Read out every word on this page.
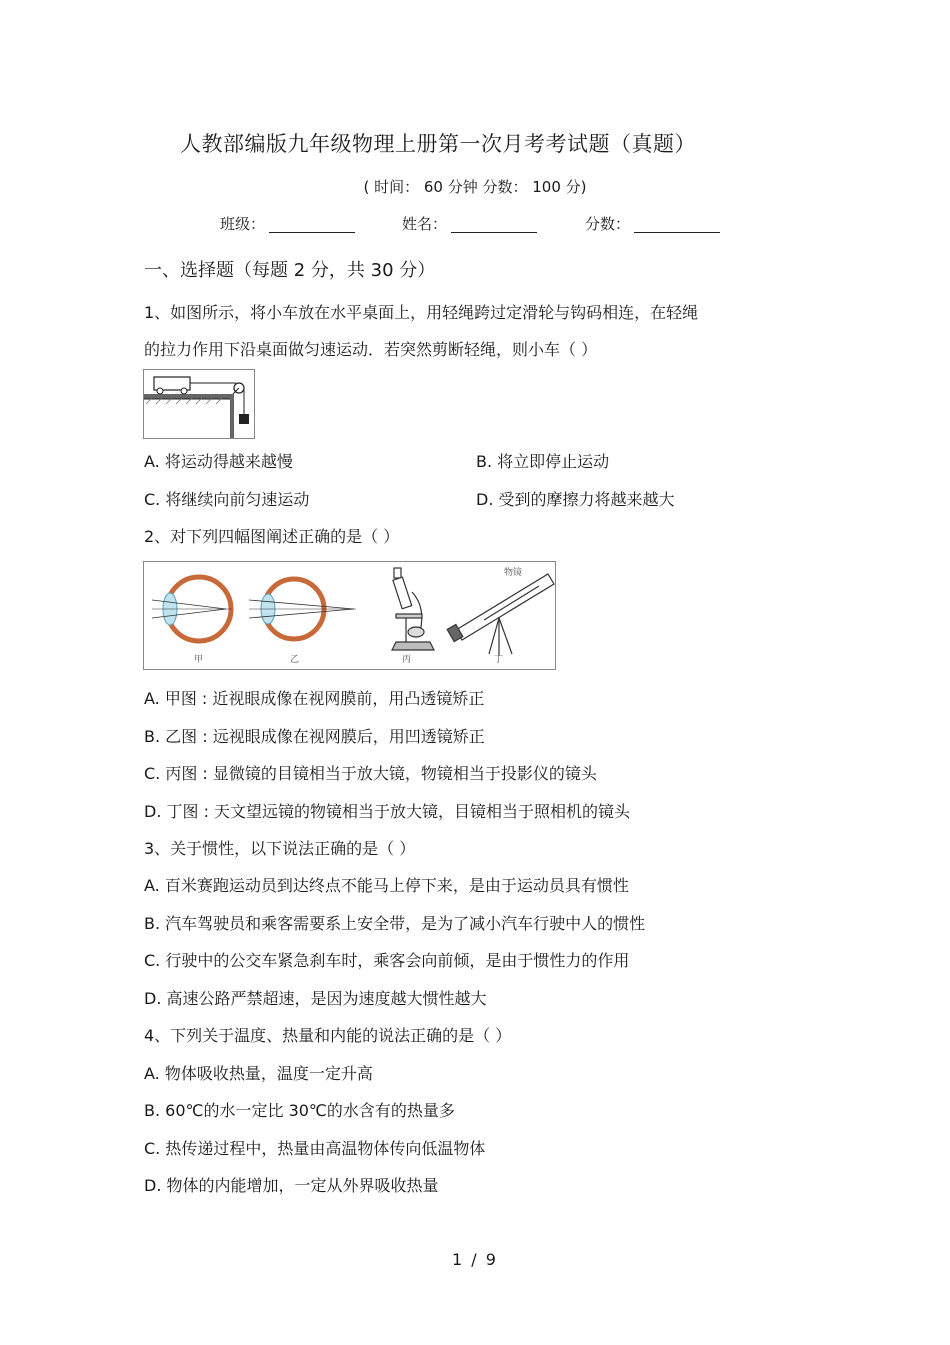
人教部编版九年级物理上册第一次月考考试题（真题）
( 时间： 60 分钟 分数： 100 分)
班级：	姓名：	分数：
一、选择题（每题 2 分，共 30 分）
1、如图所示，将小车放在水平桌面上，用轻绳跨过定滑轮与钩码相连，在轻绳
的拉力作用下沿桌面做匀速运动．若突然剪断轻绳，则小车（ ）
A. 将运动得越来越慢	B. 将立即停止运动
C. 将继续向前匀速运动	D. 受到的摩擦力将越来越大
2、对下列四幅图阐述正确的是（ ）
物镜
甲	乙	丙	丁
A. 甲图 : 近视眼成像在视网膜前，用凸透镜矫正
B. 乙图 : 远视眼成像在视网膜后，用凹透镜矫正
C. 丙图 : 显微镜的目镜相当于放大镜，物镜相当于投影仪的镜头
D. 丁图 : 天文望远镜的物镜相当于放大镜，目镜相当于照相机的镜头
3、关于惯性，以下说法正确的是（ ）
A. 百米赛跑运动员到达终点不能马上停下来，是由于运动员具有惯性
B. 汽车驾驶员和乘客需要系上安全带，是为了减小汽车行驶中人的惯性
C. 行驶中的公交车紧急刹车时，乘客会向前倾，是由于惯性力的作用
D. 高速公路严禁超速，是因为速度越大惯性越大
4、下列关于温度、热量和内能的说法正确的是（ ）
A. 物体吸收热量，温度一定升高
B. 60℃的水一定比 30℃的水含有的热量多
C. 热传递过程中，热量由高温物体传向低温物体
D. 物体的内能增加，一定从外界吸收热量
1 / 9
